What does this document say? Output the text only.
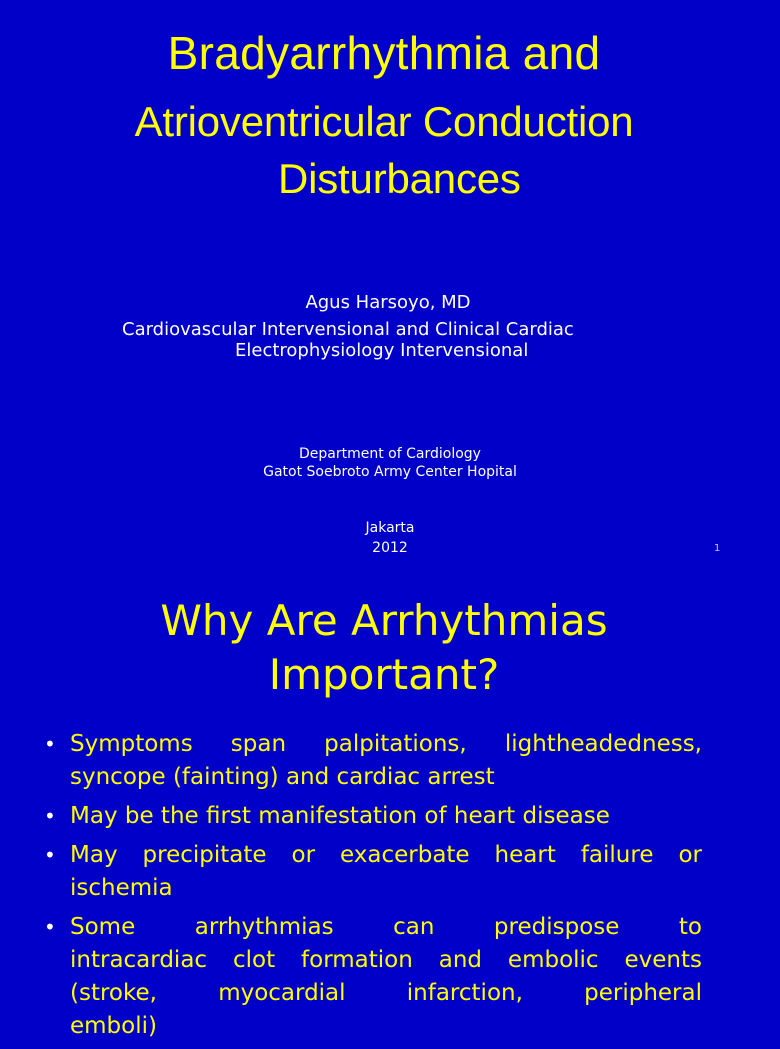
Bradyarrhythmia and
Atrioventricular Conduction
Disturbances
Agus Harsoyo, MD
Cardiovascular Intervensional and Clinical Cardiac
Electrophysiology Intervensional
Department of Cardiology
Gatot Soebroto Army Center Hopital
Jakarta
2012	1
Why Are Arrhythmias
Important?
• Symptoms span palpitations, lightheadedness,
syncope (fainting) and cardiac arrest
• May be the first manifestation of heart disease
• May precipitate or exacerbate heart failure or
ischemia
• Some arrhythmias can predispose to
intracardiac clot formation and embolic events
(stroke, myocardial infarction, peripheral
emboli)
